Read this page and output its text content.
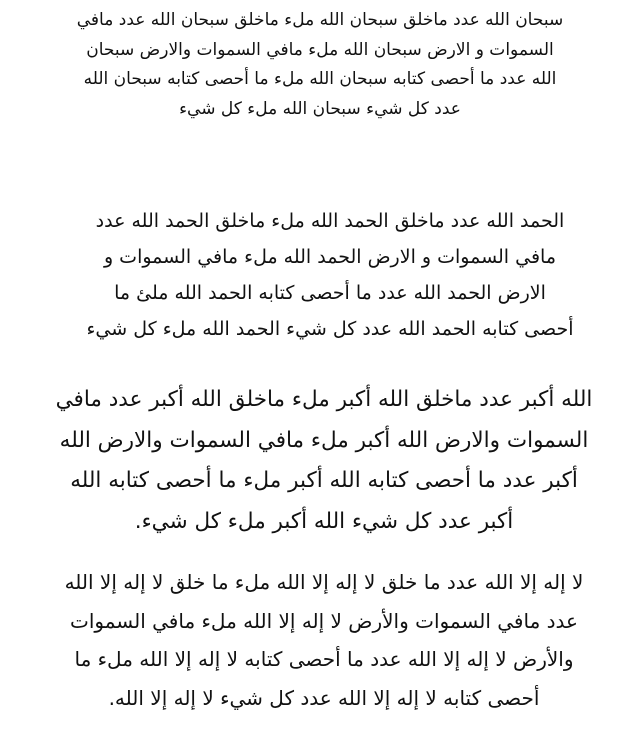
سبحان الله عدد ماخلق سبحان الله ملء ماخلق سبحان الله عدد مافي
السموات و الارض سبحان الله ملء مافي السموات والارض سبحان
الله عدد ما أحصى كتابه سبحان الله ملء ما أحصى كتابه سبحان الله
عدد كل شيء سبحان الله ملء كل شيء

الحمد الله عدد ماخلق الحمد الله ملء ماخلق الحمد الله عدد
مافي السموات و الارض الحمد الله ملء مافي السموات و
الارض الحمد الله عدد ما أحصى كتابه الحمد الله ملئ ما
أحصى كتابه الحمد الله عدد كل شيء الحمد الله ملء كل شيء

الله أكبر عدد ماخلق الله أكبر ملء ماخلق الله أكبر عدد مافي
السموات والارض الله أكبر ملء مافي السموات والارض الله
أكبر عدد ما أحصى كتابه الله أكبر ملء ما أحصى كتابه الله
أكبر عدد كل شيء الله أكبر ملء كل شيء.

لا إله إلا الله عدد ما خلق لا إله إلا الله ملء ما خلق لا إله إلا الله
عدد مافي السموات والأرض لا إله إلا الله ملء مافي السموات
والأرض لا إله إلا الله عدد ما أحصى كتابه لا إله إلا الله ملء ما
أحصى كتابه لا إله إلا الله عدد كل شيء لا إله إلا الله.
